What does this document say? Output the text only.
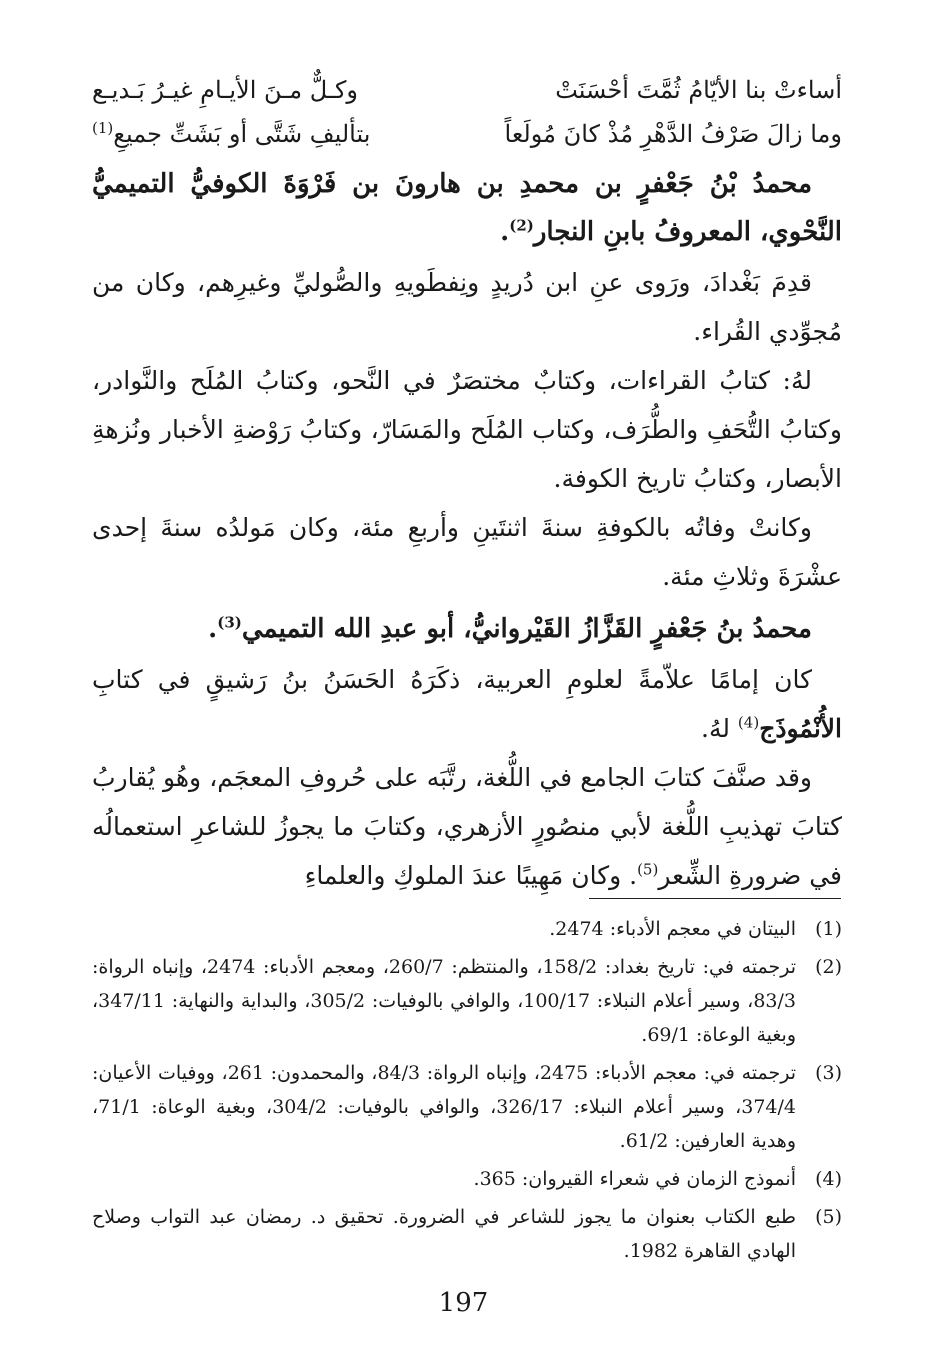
أساءتْ بنا الأيّامُ ثُمَّتَ أحْسَنَتْ
وكـلٌّ مـنَ الأيـامِ غيـرُ بَـديـع
وما زالَ صَرْفُ الدَّهْرِ مُذْ كانَ مُولَعاً
بتأليفِ شَتَّى أو بَشَتِّ جميعِ$^{(1)}$

محمدُ بْنُ جَعْفرٍ بن محمدِ بن هارونَ بن فَرْوَةَ الكوفيُّ التميميُّ النَّحْوي، المعروفُ بابنِ النجار$^{(2)}$.

قدِمَ بَغْدادَ، ورَوى عنِ ابن دُريدٍ ونِفطَويهِ والصُّوليِّ وغيرِهم، وكان من مُجوِّدي القُراء.

لهُ: كتابُ القراءات، وكتابٌ مختصَرٌ في النَّحو، وكتابُ المُلَح والنَّوادر، وكتابُ التُّحَفِ والطُّرَف، وكتاب المُلَح والمَسَارّ، وكتابُ رَوْضةِ الأخبار ونُزهةِ الأبصار، وكتابُ تاريخ الكوفة.

وكانتْ وفاتُه بالكوفةِ سنةَ اثنتَينِ وأربعِ مئة، وكان مَولدُه سنةَ إحدى عشْرَةَ وثلاثِ مئة.

محمدُ بنُ جَعْفرٍ القَزَّازُ القَيْروانيُّ، أبو عبدِ الله التميمي$^{(3)}$.

كان إمامًا علاّمةً لعلومِ العربية، ذكَرَهُ الحَسَنُ بنُ رَشيقٍ في كتابِ الأُنْمُوذَج$^{(4)}$ لهُ.

وقد صنَّفَ كتابَ الجامع في اللُّغة، رتَّبَه على حُروفِ المعجَم، وهُو يُقاربُ كتابَ تهذيبِ اللُّغة لأبي منصُورٍ الأزهري، وكتابَ ما يجوزُ للشاعرِ استعمالُه في ضرورةِ الشِّعر$^{(5)}$. وكان مَهِيبًا عندَ الملوكِ والعلماءِ

(1)
البيتان في معجم الأدباء: 2474.
(2)
ترجمته في: تاريخ بغداد: 158/2، والمنتظم: 260/7، ومعجم الأدباء: 2474، وإنباه الرواة: 83/3، وسير أعلام النبلاء: 100/17، والوافي بالوفيات: 305/2، والبداية والنهاية: 347/11، وبغية الوعاة: 69/1.
(3)
ترجمته في: معجم الأدباء: 2475، وإنباه الرواة: 84/3، والمحمدون: 261، ووفيات الأعيان: 374/4، وسير أعلام النبلاء: 326/17، والوافي بالوفيات: 304/2، وبغية الوعاة: 71/1، وهدية العارفين: 61/2.
(4)
أنموذج الزمان في شعراء القيروان: 365.
(5)
طبع الكتاب بعنوان ما يجوز للشاعر في الضرورة. تحقيق د. رمضان عبد التواب وصلاح الهادي القاهرة 1982.
197
